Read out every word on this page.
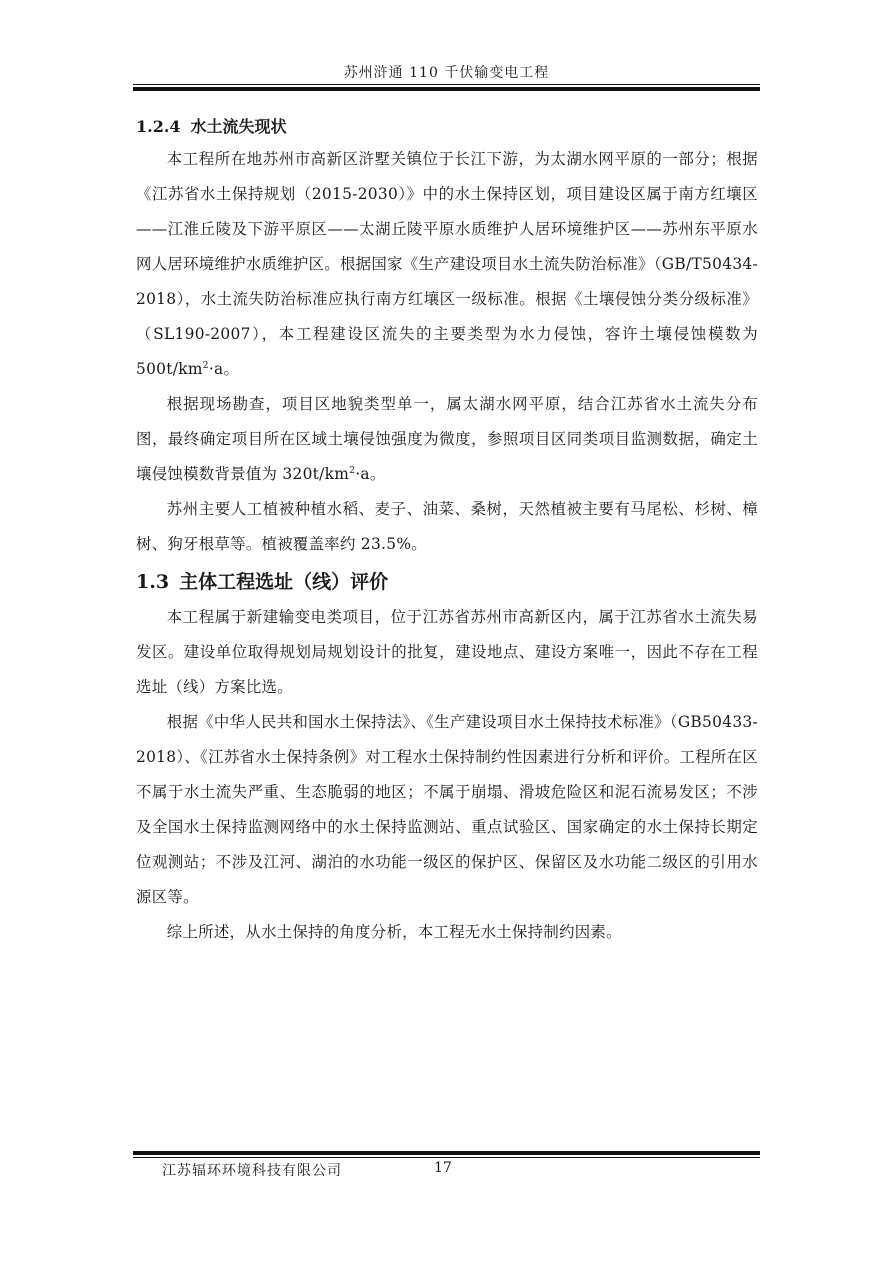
苏州浒通 110 千伏输变电工程
1.2.4 水土流失现状

本工程所在地苏州市高新区浒墅关镇位于长江下游，为太湖水网平原的一部分；根据《江苏省水土保持规划（2015-2030）》中的水土保持区划，项目建设区属于南方红壤区——江淮丘陵及下游平原区——太湖丘陵平原水质维护人居环境维护区——苏州东平原水网人居环境维护水质维护区。根据国家《生产建设项目水土流失防治标准》（GB/T50434-2018），水土流失防治标准应执行南方红壤区一级标准。根据《土壤侵蚀分类分级标准》（SL190-2007），本工程建设区流失的主要类型为水力侵蚀，容许土壤侵蚀模数为 $500t/km^2\cdot a$。

根据现场勘查，项目区地貌类型单一，属太湖水网平原，结合江苏省水土流失分布图，最终确定项目所在区域土壤侵蚀强度为微度，参照项目区同类项目监测数据，确定土壤侵蚀模数背景值为 $320t/km^2\cdot a$。

苏州主要人工植被种植水稻、麦子、油菜、桑树，天然植被主要有马尾松、杉树、樟树、狗牙根草等。植被覆盖率约 23.5%。

1.3 主体工程选址（线）评价

本工程属于新建输变电类项目，位于江苏省苏州市高新区内，属于江苏省水土流失易发区。建设单位取得规划局规划设计的批复，建设地点、建设方案唯一，因此不存在工程选址（线）方案比选。

根据《中华人民共和国水土保持法》、《生产建设项目水土保持技术标准》（GB50433-2018）、《江苏省水土保持条例》对工程水土保持制约性因素进行分析和评价。工程所在区不属于水土流失严重、生态脆弱的地区；不属于崩塌、滑坡危险区和泥石流易发区；不涉及全国水土保持监测网络中的水土保持监测站、重点试验区、国家确定的水土保持长期定位观测站；不涉及江河、湖泊的水功能一级区的保护区、保留区及水功能二级区的引用水源区等。

综上所述，从水土保持的角度分析，本工程无水土保持制约因素。

江苏辐环环境科技有限公司	17
